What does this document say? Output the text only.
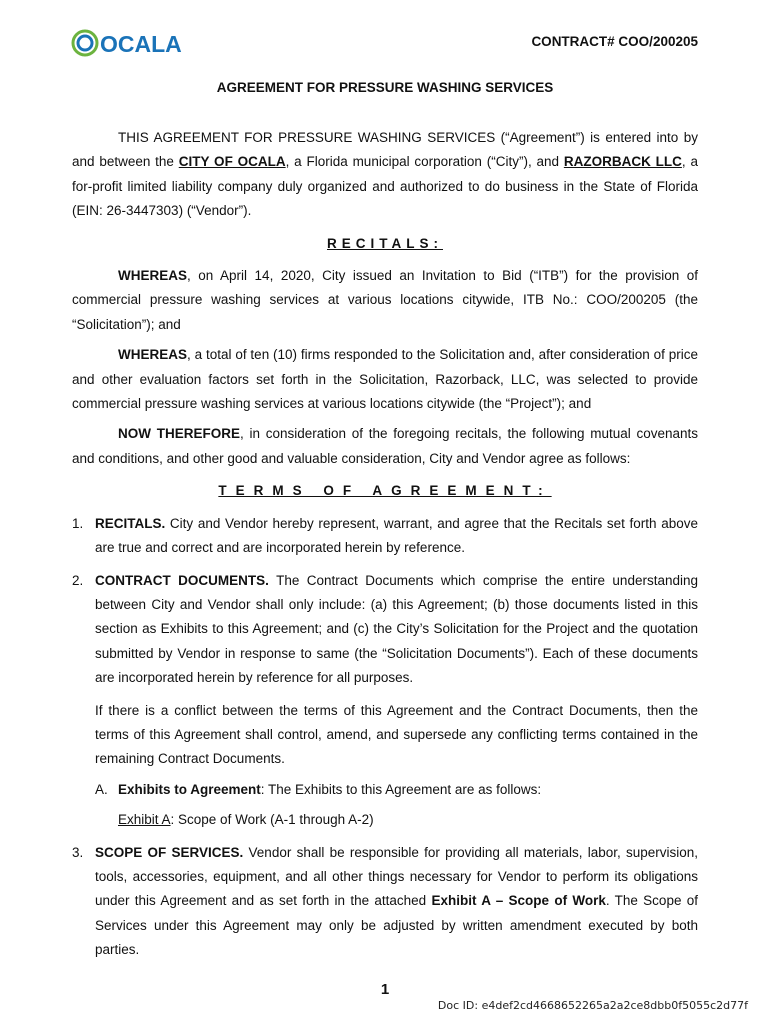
OCALA	CONTRACT# COO/200205
AGREEMENT FOR PRESSURE WASHING SERVICES

THIS AGREEMENT FOR PRESSURE WASHING SERVICES (“Agreement”) is entered into by and between the CITY OF OCALA, a Florida municipal corporation (“City”), and RAZORBACK LLC, a for-profit limited liability company duly organized and authorized to do business in the State of Florida (EIN: 26-3447303) (“Vendor”).

RECITALS:

WHEREAS, on April 14, 2020, City issued an Invitation to Bid (“ITB”) for the provision of commercial pressure washing services at various locations citywide, ITB No.: COO/200205 (the “Solicitation”); and

WHEREAS, a total of ten (10) firms responded to the Solicitation and, after consideration of price and other evaluation factors set forth in the Solicitation, Razorback, LLC, was selected to provide commercial pressure washing services at various locations citywide (the “Project”); and

NOW THEREFORE, in consideration of the foregoing recitals, the following mutual covenants and conditions, and other good and valuable consideration, City and Vendor agree as follows:

TERMS OF AGREEMENT:
1. RECITALS. City and Vendor hereby represent, warrant, and agree that the Recitals set forth above are true and correct and are incorporated herein by reference.
2. CONTRACT DOCUMENTS. The Contract Documents which comprise the entire understanding between City and Vendor shall only include: (a) this Agreement; (b) those documents listed in this section as Exhibits to this Agreement; and (c) the City’s Solicitation for the Project and the quotation submitted by Vendor in response to same (the “Solicitation Documents”). Each of these documents are incorporated herein by reference for all purposes.

If there is a conflict between the terms of this Agreement and the Contract Documents, then the terms of this Agreement shall control, amend, and supersede any conflicting terms contained in the remaining Contract Documents.

A. Exhibits to Agreement: The Exhibits to this Agreement are as follows:

Exhibit A: Scope of Work (A-1 through A-2)

3. SCOPE OF SERVICES. Vendor shall be responsible for providing all materials, labor, supervision, tools, accessories, equipment, and all other things necessary for Vendor to perform its obligations under this Agreement and as set forth in the attached Exhibit A – Scope of Work. The Scope of Services under this Agreement may only be adjusted by written amendment executed by both parties.
1
Doc ID: e4def2cd4668652265a2a2ce8dbb0f5055c2d77f
